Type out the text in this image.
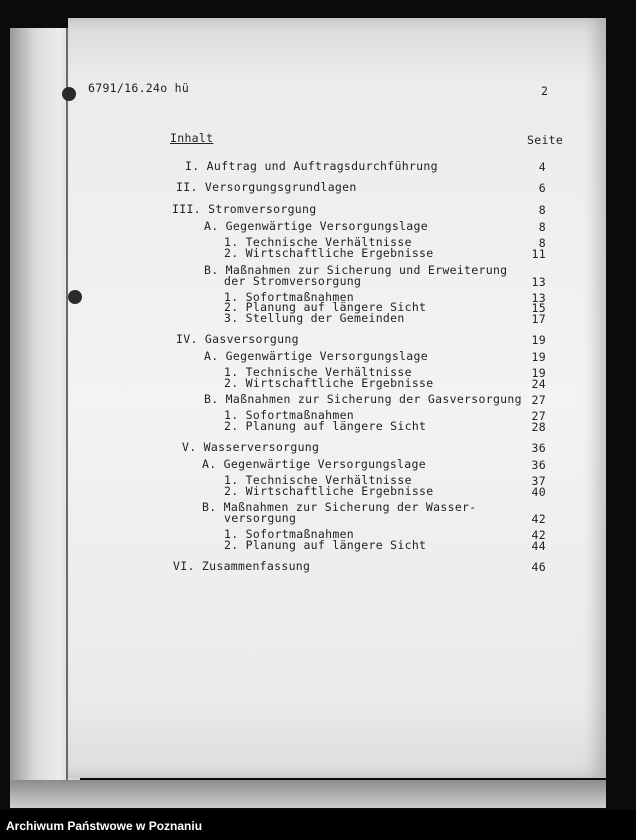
6791/16.24o hü	2
Inhalt	Seite
I. Auftrag und Auftragsdurchführung	4
II. Versorgungsgrundlagen	6
III. Stromversorgung	8
A. Gegenwärtige Versorgungslage	8
1. Technische Verhältnisse	8
2. Wirtschaftliche Ergebnisse	11
B. Maßnahmen zur Sicherung und Erweiterung
der Stromversorgung	13
1. Sofortmaßnahmen	13
2. Planung auf längere Sicht	15
3. Stellung der Gemeinden	17
IV. Gasversorgung	19
A. Gegenwärtige Versorgungslage	19
1. Technische Verhältnisse	19
2. Wirtschaftliche Ergebnisse	24
B. Maßnahmen zur Sicherung der Gasversorgung 27
1. Sofortmaßnahmen	27
2. Planung auf längere Sicht	28
V. Wasserversorgung	36
A. Gegenwärtige Versorgungslage	36
1. Technische Verhältnisse	37
2. Wirtschaftliche Ergebnisse	40
B. Maßnahmen zur Sicherung der Wasser-
versorgung	42
1. Sofortmaßnahmen	42
2. Planung auf längere Sicht	44
VI. Zusammenfassung	46
Archiwum Państwowe w Poznaniu
